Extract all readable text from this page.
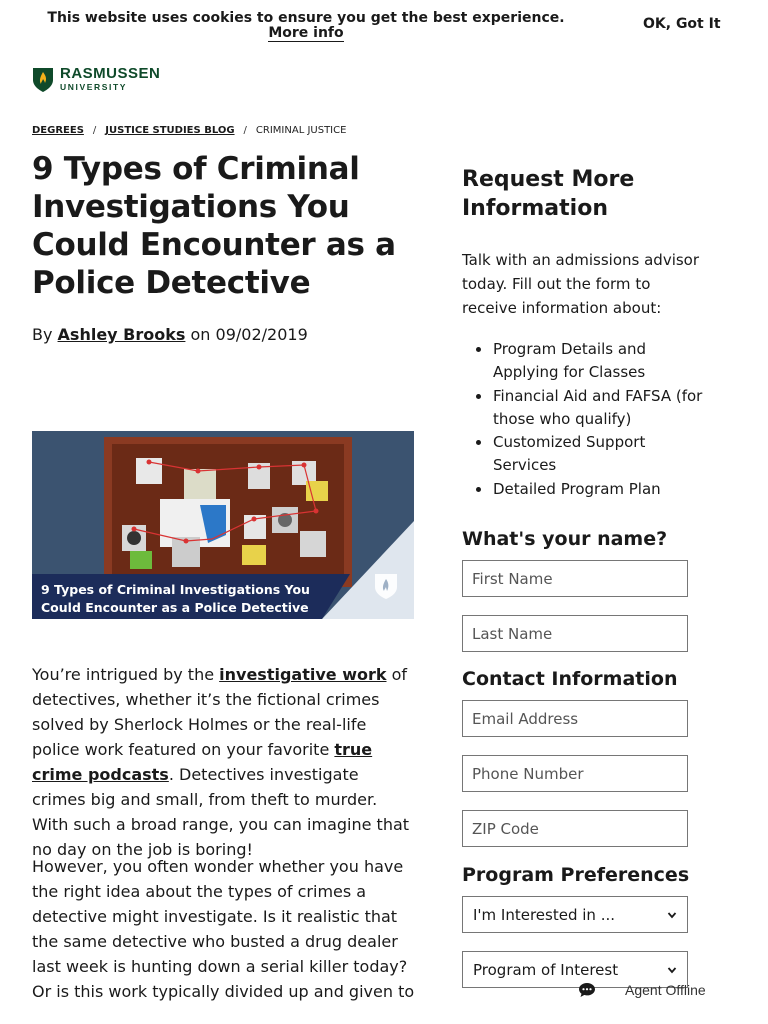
This website uses cookies to ensure you get the best experience.
More info
OK, Got It
RASMUSSEN
UNIVERSITY
DEGREES / JUSTICE STUDIES BLOG / CRIMINAL JUSTICE
9 Types of Criminal Investigations You Could Encounter as a Police Detective
By Ashley Brooks on 09/02/2019
9 Types of Criminal Investigations You
Could Encounter as a Police Detective

You’re intrigued by the investigative work of detectives, whether it’s the fictional crimes solved by Sherlock Holmes or the real-life police work featured on your favorite true crime podcasts. Detectives investigate crimes big and small, from theft to murder. With such a broad range, you can imagine that no day on the job is boring!

However, you often wonder whether you have the right idea about the types of crimes a detective might investigate. Is it realistic that the same detective who busted a drug dealer last week is hunting down a serial killer today? Or is this work typically divided up and given to

Request More Information

Talk with an admissions advisor today. Fill out the form to receive information about:

Program Details and Applying for Classes
Financial Aid and FAFSA (for those who qualify)
Customized Support Services
Detailed Program Plan
What's your name?
First Name
Last Name
Contact Information
Email Address
Phone Number
ZIP Code
Program Preferences
I'm Interested in ...
Program of Interest
Agent Offline
